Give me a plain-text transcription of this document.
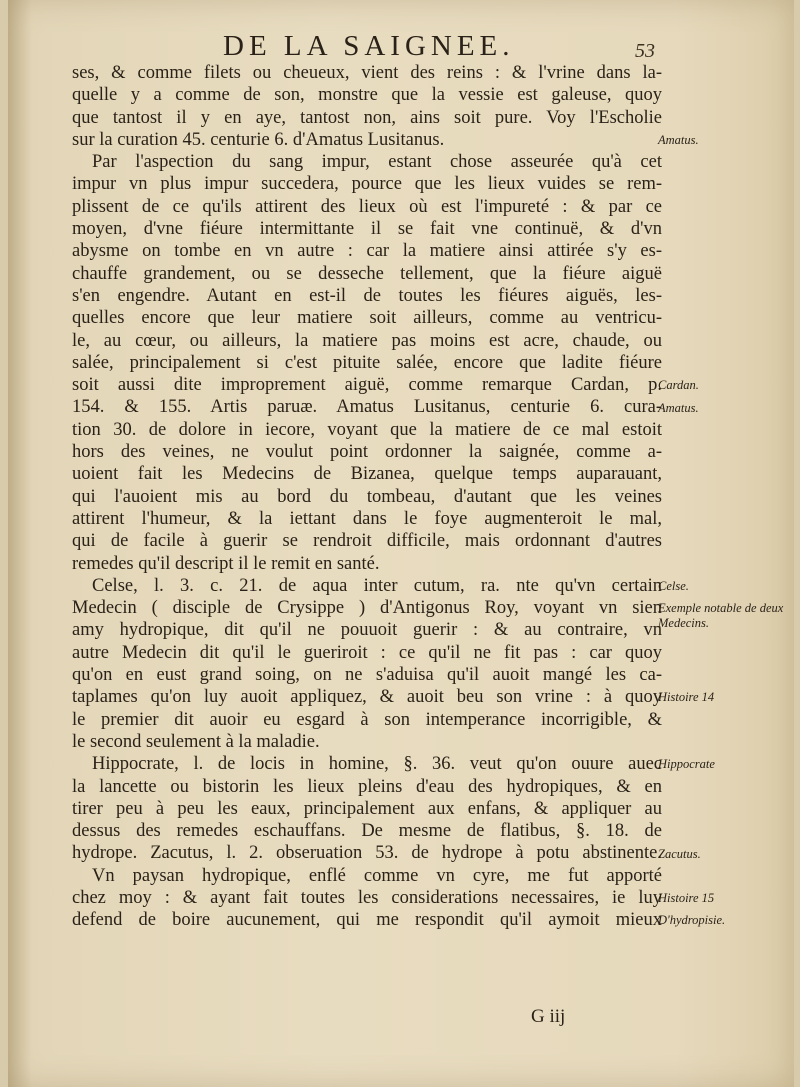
DE LA SAIGNEE.	53
ses, & comme filets ou cheueux, vient des reins : & l'vrine dans la-
quelle y a comme de son, monstre que la vessie est galeuse, quoy
que tantost il y en aye, tantost non, ains soit pure. Voy l'Escholie
sur la curation 45. centurie 6. d'Amatus Lusitanus.
Par l'aspection du sang impur, estant chose asseurée qu'à cet
impur vn plus impur succedera, pource que les lieux vuides se rem-
plissent de ce qu'ils attirent des lieux où est l'impureté : & par ce
moyen, d'vne fiéure intermittante il se fait vne continuë, & d'vn
abysme on tombe en vn autre : car la matiere ainsi attirée s'y es-
chauffe grandement, ou se desseche tellement, que la fiéure aiguë
s'en engendre. Autant en est-il de toutes les fiéures aiguës, les-
quelles encore que leur matiere soit ailleurs, comme au ventricu-
le, au cœur, ou ailleurs, la matiere pas moins est acre, chaude, ou
salée, principalement si c'est pituite salée, encore que ladite fiéure
soit aussi dite improprement aiguë, comme remarque Cardan, p.
154. & 155. Artis paruæ. Amatus Lusitanus, centurie 6. cura-
tion 30. de dolore in iecore, voyant que la matiere de ce mal estoit
hors des veines, ne voulut point ordonner la saignée, comme a-
uoient fait les Medecins de Bizanea, quelque temps auparauant,
qui l'auoient mis au bord du tombeau, d'autant que les veines
attirent l'humeur, & la iettant dans le foye augmenteroit le mal,
qui de facile à guerir se rendroit difficile, mais ordonnant d'autres
remedes qu'il descript il le remit en santé.
Celse, l. 3. c. 21. de aqua inter cutum, ra. nte qu'vn certain
Medecin ( disciple de Crysippe ) d'Antigonus Roy, voyant vn sien
amy hydropique, dit qu'il ne pouuoit guerir : & au contraire, vn
autre Medecin dit qu'il le gueriroit : ce qu'il ne fit pas : car quoy
qu'on en eust grand soing, on ne s'aduisa qu'il auoit mangé les ca-
taplames qu'on luy auoit appliquez, & auoit beu son vrine : à quoy
le premier dit auoir eu esgard à son intemperance incorrigible, &
le second seulement à la maladie.
Hippocrate, l. de locis in homine, §. 36. veut qu'on ouure auec
la lancette ou bistorin les lieux pleins d'eau des hydropiques, & en
tirer peu à peu les eaux, principalement aux enfans, & appliquer au
dessus des remedes eschauffans. De mesme de flatibus, §. 18. de
hydrope. Zacutus, l. 2. obseruation 53. de hydrope à potu abstinente.
Vn paysan hydropique, enflé comme vn cyre, me fut apporté
chez moy : & ayant fait toutes les considerations necessaires, ie luy
defend de boire aucunement, qui me respondit qu'il aymoit mieux
Amatus.
Cardan.
Amatus.
Celse.
Exemple notable de deux Medecins.
Histoire 14
Hippocrate
Zacutus.
Histoire 15
D'hydropisie.
G iij
